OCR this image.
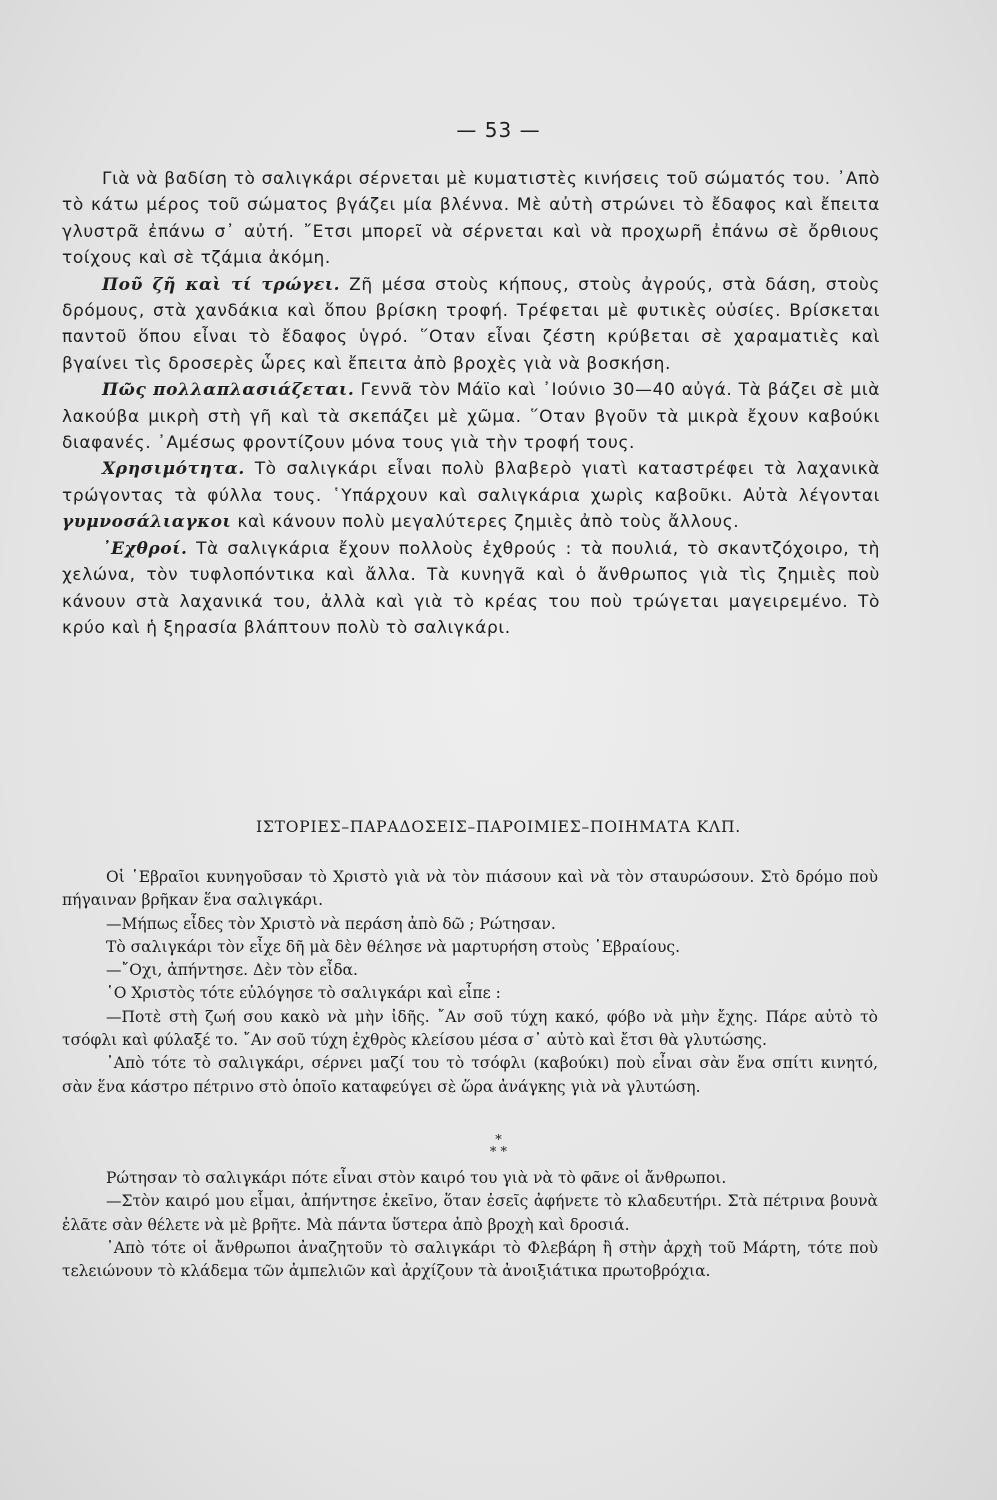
— 53 —

Γιὰ νὰ βαδίση τὸ σαλιγκάρι σέρνεται μὲ κυματιστὲς κινήσεις τοῦ σώματός του. ᾿Απὸ τὸ κάτω μέρος τοῦ σώματος βγάζει μία βλέννα. Μὲ αὐτὴ στρώνει τὸ ἔδαφος καὶ ἔπειτα γλυστρᾶ ἐπάνω σ᾿ αὐτή. ῎Ετσι μπορεῖ νὰ σέρνεται καὶ νὰ προχωρῆ ἐπάνω σὲ ὄρθιους τοίχους καὶ σὲ τζάμια ἀκόμη.

Ποῦ ζῆ καὶ τί τρώγει. Ζῆ μέσα στοὺς κήπους, στοὺς ἀγρούς, στὰ δάση, στοὺς δρόμους, στὰ χανδάκια καὶ ὅπου βρίσκη τροφή. Τρέφεται μὲ φυτικὲς οὐσίες. Βρίσκεται παντοῦ ὅπου εἶναι τὸ ἔδαφος ὑγρό. ῞Οταν εἶναι ζέστη κρύβεται σὲ χαραματιὲς καὶ βγαίνει τὶς δροσερὲς ὧρες καὶ ἔπειτα ἀπὸ βροχὲς γιὰ νὰ βοσκήση.

Πῶς πολλαπλασιάζεται. Γεννᾶ τὸν Μάϊο καὶ ᾿Ιούνιο 30—40 αὐγά. Τὰ βάζει σὲ μιὰ λακούβα μικρὴ στὴ γῆ καὶ τὰ σκεπάζει μὲ χῶμα. ῞Οταν βγοῦν τὰ μικρὰ ἔχουν καβούκι διαφανές. ᾿Αμέσως φροντίζουν μόνα τους γιὰ τὴν τροφή τους.

Χρησιμότητα. Τὸ σαλιγκάρι εἶναι πολὺ βλαβερὸ γιατὶ καταστρέφει τὰ λαχανικὰ τρώγοντας τὰ φύλλα τους. ῾Υπάρχουν καὶ σαλιγκάρια χωρὶς καβοῦκι. Αὐτὰ λέγονται γυμνοσάλιαγκοι καὶ κάνουν πολὺ μεγαλύτερες ζημιὲς ἀπὸ τοὺς ἄλλους.

᾿Εχθροί. Τὰ σαλιγκάρια ἔχουν πολλοὺς ἐχθρούς : τὰ πουλιά, τὸ σκαντζόχοιρο, τὴ χελώνα, τὸν τυφλοπόντικα καὶ ἄλλα. Τὰ κυνηγᾶ καὶ ὁ ἄνθρωπος γιὰ τὶς ζημιὲς ποὺ κάνουν στὰ λαχανικά του, ἀλλὰ καὶ γιὰ τὸ κρέας του ποὺ τρώγεται μαγειρεμένο. Τὸ κρύο καὶ ἡ ξηρασία βλάπτουν πολὺ τὸ σαλιγκάρι.

ΙΣΤΟΡΙΕΣ–ΠΑΡΑΔΟΣΕΙΣ–ΠΑΡΟΙΜΙΕΣ–ΠΟΙΗΜΑΤΑ ΚΛΠ.

Οἱ ῾Εβραῖοι κυνηγοῦσαν τὸ Χριστὸ γιὰ νὰ τὸν πιάσουν καὶ νὰ τὸν σταυρώσουν. Στὸ δρόμο ποὺ πήγαιναν βρῆκαν ἕνα σαλιγκάρι.

—Μήπως εἶδες τὸν Χριστὸ νὰ περάση ἀπὸ δῶ ; Ρώτησαν.

Τὸ σαλιγκάρι τὸν εἶχε δῆ μὰ δὲν θέλησε νὰ μαρτυρήση στοὺς ῾Εβραίους.

—῎Οχι, ἀπήντησε. Δὲν τὸν εἶδα.

῾Ο Χριστὸς τότε εὐλόγησε τὸ σαλιγκάρι καὶ εἶπε :

—Ποτὲ στὴ ζωή σου κακὸ νὰ μὴν ἰδῆς. ῎Αν σοῦ τύχη κακό, φόβο νὰ μὴν ἔχης. Πάρε αὐτὸ τὸ τσόφλι καὶ φύλαξέ το. ῎Αν σοῦ τύχη ἐχθρὸς κλείσου μέσα σ᾿ αὐτὸ καὶ ἔτσι θὰ γλυτώσης.

᾿Απὸ τότε τὸ σαλιγκάρι, σέρνει μαζί του τὸ τσόφλι (καβούκι) ποὺ εἶναι σὰν ἕνα σπίτι κινητό, σὰν ἕνα κάστρο πέτρινο στὸ ὁποῖο καταφεύγει σὲ ὥρα ἀνάγκης γιὰ νὰ γλυτώση.

*
* *

Ρώτησαν τὸ σαλιγκάρι πότε εἶναι στὸν καιρό του γιὰ νὰ τὸ φᾶνε οἱ ἄνθρωποι.

—Στὸν καιρό μου εἶμαι, ἀπήντησε ἐκεῖνο, ὅταν ἐσεῖς ἀφήνετε τὸ κλαδευτήρι. Στὰ πέτρινα βουνὰ ἐλᾶτε σὰν θέλετε νὰ μὲ βρῆτε. Μὰ πάντα ὕστερα ἀπὸ βροχὴ καὶ δροσιά.

᾿Απὸ τότε οἱ ἄνθρωποι ἀναζητοῦν τὸ σαλιγκάρι τὸ Φλεβάρη ἢ στὴν ἀρχὴ τοῦ Μάρτη, τότε ποὺ τελειώνουν τὸ κλάδεμα τῶν ἀμπελιῶν καὶ ἀρχίζουν τὰ ἀνοιξιάτικα πρωτοβρόχια.
